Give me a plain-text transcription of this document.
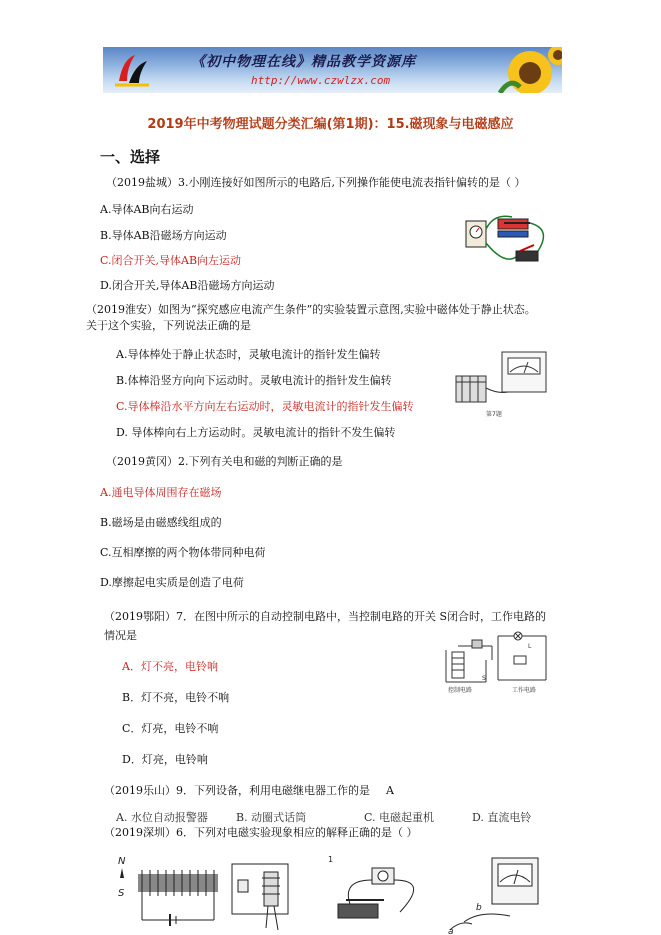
《初中物理在线》精品教学资源库
http://www.czwlzx.com
2019年中考物理试题分类汇编(第1期)：15.磁现象与电磁感应
一、选择
（2019盐城）3.小刚连接好如图所示的电路后,下列操作能使电流表指针偏转的是（ ）
A.导体AB向右运动
B.导体AB沿磁场方向运动
C.闭合开关,导体AB向左运动
D.闭合开关,导体AB沿磁场方向运动
（2019淮安）如图为“探究感应电流产生条件”的实验装置示意图,实验中磁体处于静止状态。
关于这个实验，下列说法正确的是
A.导体棒处于静止状态时，灵敏电流计的指针发生偏转
B.体棒沿竖方向向下运动时。灵敏电流计的指针发生偏转
C.导体棒沿水平方向左右运动时，灵敏电流计的指针发生偏转
D. 导体棒向右上方运动时。灵敏电流计的指针不发生偏转
第7题
（2019黄冈）2.下列有关电和磁的判断正确的是
A.通电导体周围存在磁场
B.磁场是由磁感线组成的
C.互相摩擦的两个物体带同种电荷
D.摩擦起电实质是创造了电荷
（2019鄂阳）7．在图中所示的自动控制电路中，当控制电路的开关 S闭合时，工作电路的
情况是
A．灯不亮，电铃响
B．灯不亮，电铃不响
C．灯亮，电铃不响
D．灯亮，电铃响
L
控制电路	工作电路
S
（2019乐山）9．下列设备，利用电磁继电器工作的是 A
A. 水位自动报警器	B. 动圈式话筒	C. 电磁起重机	D. 直流电铃
（2019深圳）6．下列对电磁实验现象相应的解释正确的是（ ）
N
S
1
a
b
